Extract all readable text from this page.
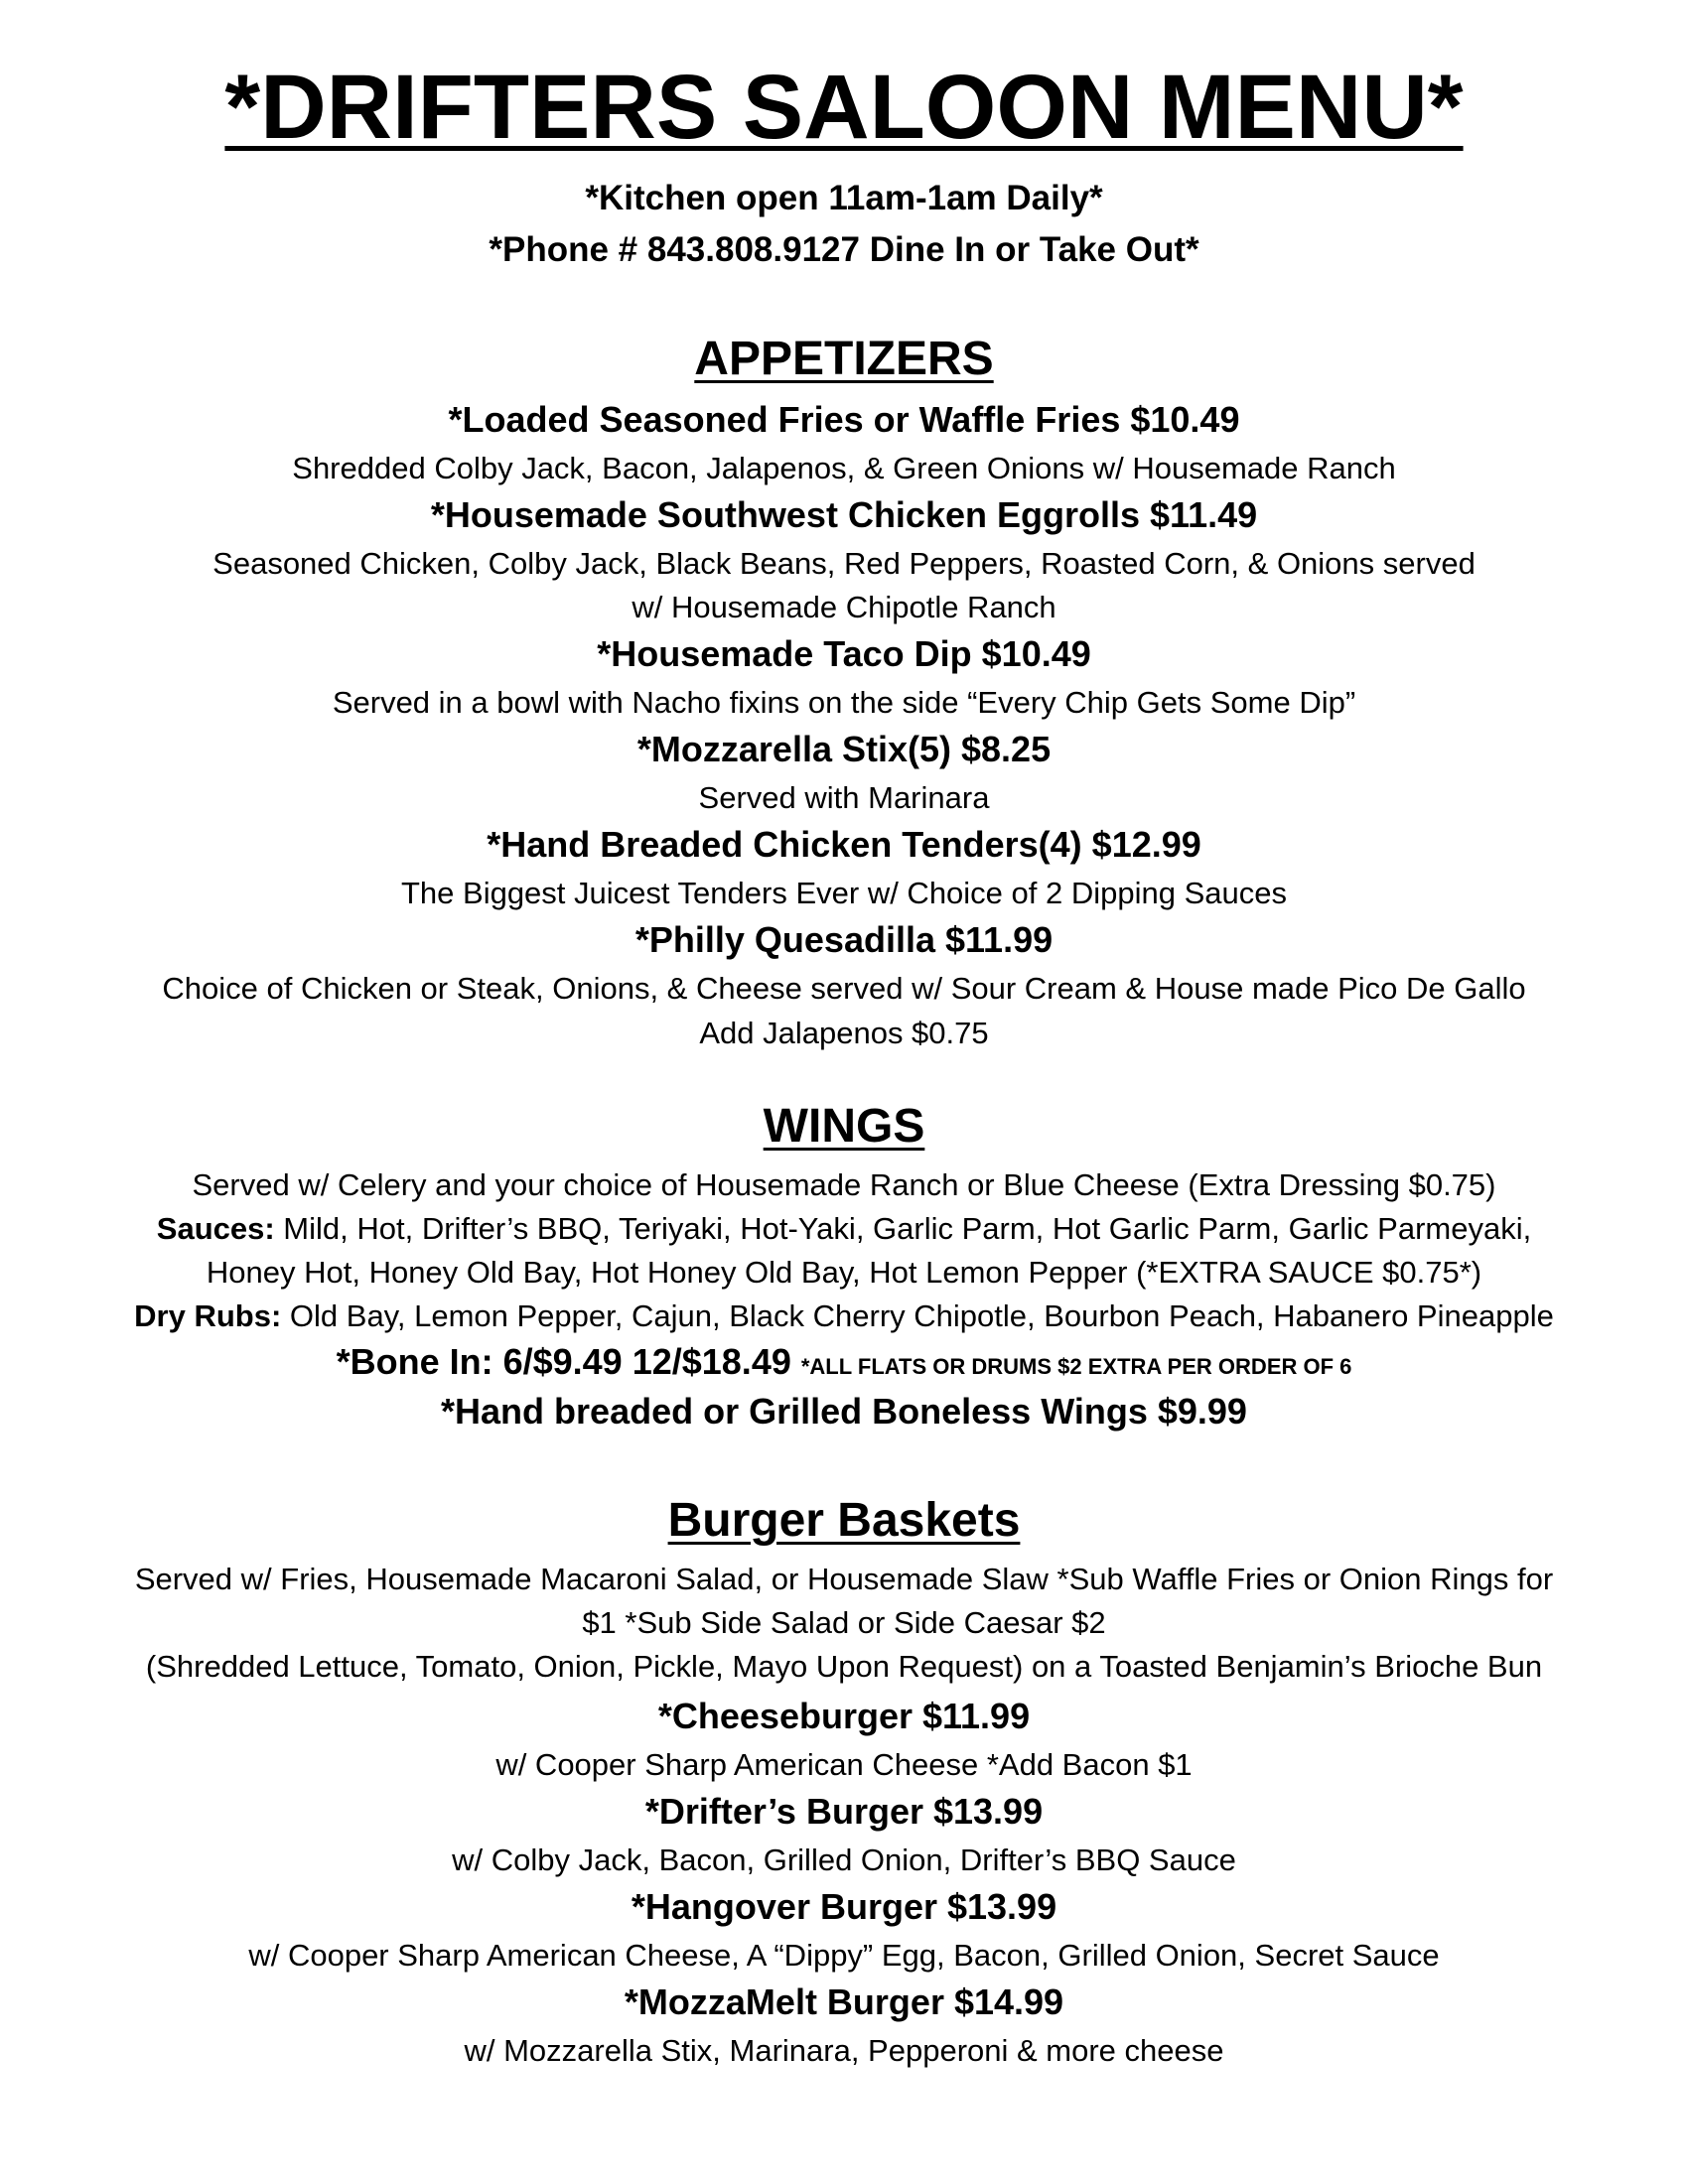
*DRIFTERS SALOON MENU*

*Kitchen open 11am-1am Daily*

*Phone # 843.808.9127 Dine In or Take Out*

APPETIZERS

*Loaded Seasoned Fries or Waffle Fries $10.49

Shredded Colby Jack, Bacon, Jalapenos, & Green Onions w/ Housemade Ranch

*Housemade Southwest Chicken Eggrolls $11.49

Seasoned Chicken, Colby Jack, Black Beans, Red Peppers, Roasted Corn, & Onions served

w/ Housemade Chipotle Ranch

*Housemade Taco Dip $10.49

Served in a bowl with Nacho fixins on the side “Every Chip Gets Some Dip”

*Mozzarella Stix(5) $8.25

Served with Marinara

*Hand Breaded Chicken Tenders(4) $12.99

The Biggest Juicest Tenders Ever w/ Choice of 2 Dipping Sauces

*Philly Quesadilla $11.99

Choice of Chicken or Steak, Onions, & Cheese served w/ Sour Cream & House made Pico De Gallo

Add Jalapenos $0.75

WINGS

Served w/ Celery and your choice of Housemade Ranch or Blue Cheese (Extra Dressing $0.75)

Sauces: Mild, Hot, Drifter’s BBQ, Teriyaki, Hot-Yaki, Garlic Parm, Hot Garlic Parm, Garlic Parmeyaki,

Honey Hot, Honey Old Bay, Hot Honey Old Bay, Hot Lemon Pepper (*EXTRA SAUCE $0.75*)

Dry Rubs: Old Bay, Lemon Pepper, Cajun, Black Cherry Chipotle, Bourbon Peach, Habanero Pineapple

*Bone In: 6/$9.49 12/$18.49 *ALL FLATS OR DRUMS $2 EXTRA PER ORDER OF 6

*Hand breaded or Grilled Boneless Wings $9.99

Burger Baskets

Served w/ Fries, Housemade Macaroni Salad, or Housemade Slaw *Sub Waffle Fries or Onion Rings for

$1 *Sub Side Salad or Side Caesar $2

(Shredded Lettuce, Tomato, Onion, Pickle, Mayo Upon Request) on a Toasted Benjamin’s Brioche Bun

*Cheeseburger $11.99

w/ Cooper Sharp American Cheese *Add Bacon $1

*Drifter’s Burger $13.99

w/ Colby Jack, Bacon, Grilled Onion, Drifter’s BBQ Sauce

*Hangover Burger $13.99

w/ Cooper Sharp American Cheese, A “Dippy” Egg, Bacon, Grilled Onion, Secret Sauce

*MozzaMelt Burger $14.99

w/ Mozzarella Stix, Marinara, Pepperoni & more cheese
